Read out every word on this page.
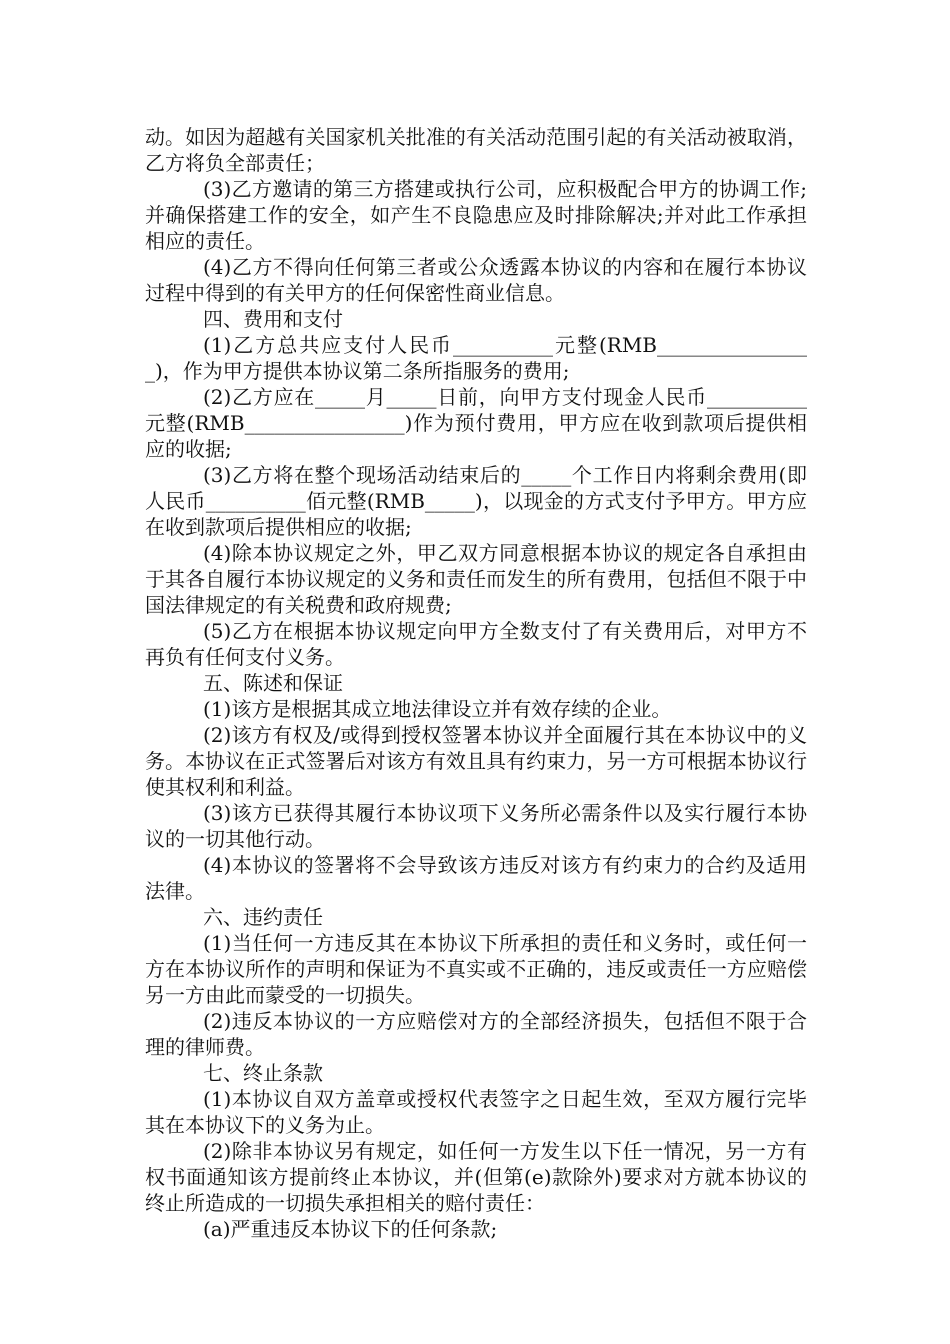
动。如因为超越有关国家机关批准的有关活动范围引起的有关活动被取消，乙方将负全部责任；

(3)乙方邀请的第三方搭建或执行公司，应积极配合甲方的协调工作;并确保搭建工作的安全，如产生不良隐患应及时排除解决;并对此工作承担相应的责任。

(4)乙方不得向任何第三者或公众透露本协议的内容和在履行本协议过程中得到的有关甲方的任何保密性商业信息。

四、费用和支付

(1)乙方总共应支付人民币__________元整(RMB________________)，作为甲方提供本协议第二条所指服务的费用;

(2)乙方应在_____月_____日前，向甲方支付现金人民币__________元整(RMB________________)作为预付费用，甲方应在收到款项后提供相应的收据;

(3)乙方将在整个现场活动结束后的_____个工作日内将剩余费用(即人民币__________佰元整(RMB_____)，以现金的方式支付予甲方。甲方应在收到款项后提供相应的收据;

(4)除本协议规定之外，甲乙双方同意根据本协议的规定各自承担由于其各自履行本协议规定的义务和责任而发生的所有费用，包括但不限于中国法律规定的有关税费和政府规费;

(5)乙方在根据本协议规定向甲方全数支付了有关费用后，对甲方不再负有任何支付义务。

五、陈述和保证

(1)该方是根据其成立地法律设立并有效存续的企业。

(2)该方有权及/或得到授权签署本协议并全面履行其在本协议中的义务。本协议在正式签署后对该方有效且具有约束力，另一方可根据本协议行使其权利和利益。

(3)该方已获得其履行本协议项下义务所必需条件以及实行履行本协议的一切其他行动。

(4)本协议的签署将不会导致该方违反对该方有约束力的合约及适用法律。

六、违约责任

(1)当任何一方违反其在本协议下所承担的责任和义务时，或任何一方在本协议所作的声明和保证为不真实或不正确的，违反或责任一方应赔偿另一方由此而蒙受的一切损失。

(2)违反本协议的一方应赔偿对方的全部经济损失，包括但不限于合理的律师费。

七、终止条款

(1)本协议自双方盖章或授权代表签字之日起生效，至双方履行完毕其在本协议下的义务为止。

(2)除非本协议另有规定，如任何一方发生以下任一情况，另一方有权书面通知该方提前终止本协议，并(但第(e)款除外)要求对方就本协议的终止所造成的一切损失承担相关的赔付责任：

(a)严重违反本协议下的任何条款;
